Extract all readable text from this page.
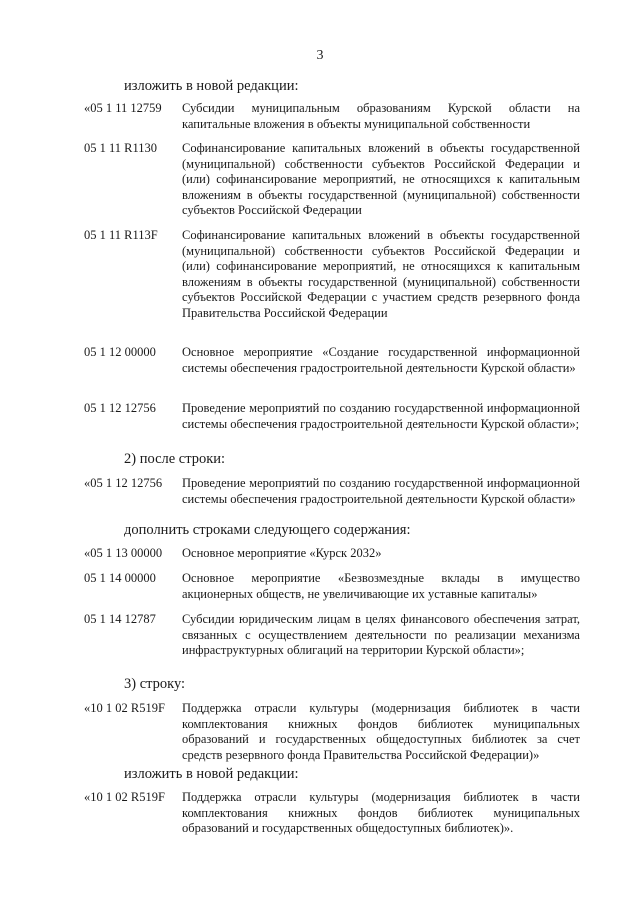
3
изложить в новой редакции:
«05 1 11 12759	Субсидии муниципальным образованиям Курской области на капитальные вложения в объекты муниципальной собственности
05 1 11 R1130	Софинансирование капитальных вложений в объекты государственной (муниципальной) собственности субъектов Российской Федерации и (или) софинансирование мероприятий, не относящихся к капитальным вложениям в объекты государственной (муниципальной) собственности субъектов Российской Федерации
05 1 11 R113F	Софинансирование капитальных вложений в объекты государственной (муниципальной) собственности субъектов Российской Федерации и (или) софинансирование мероприятий, не относящихся к капитальным вложениям в объекты государственной (муниципальной) собственности субъектов Российской Федерации с участием средств резервного фонда Правительства Российской Федерации
05 1 12 00000	Основное мероприятие «Создание государственной информационной системы обеспечения градостроительной деятельности Курской области»
05 1 12 12756	Проведение мероприятий по созданию государственной информационной системы обеспечения градостроительной деятельности Курской области»;
2) после строки:
«05 1 12 12756	Проведение мероприятий по созданию государственной информационной системы обеспечения градостроительной деятельности Курской области»
дополнить строками следующего содержания:
«05 1 13 00000	Основное мероприятие «Курск 2032»
05 1 14 00000	Основное мероприятие «Безвозмездные вклады в имущество акционерных обществ, не увеличивающие их уставные капиталы»
05 1 14 12787	Субсидии юридическим лицам в целях финансового обеспечения затрат, связанных с осуществлением деятельности по реализации механизма инфраструктурных облигаций на территории Курской области»;
3) строку:
«10 1 02 R519F	Поддержка отрасли культуры (модернизация библиотек в части комплектования книжных фондов библиотек муниципальных образований и государственных общедоступных библиотек за счет средств резервного фонда Правительства Российской Федерации)»
изложить в новой редакции:
«10 1 02 R519F	Поддержка отрасли культуры (модернизация библиотек в части комплектования книжных фондов библиотек муниципальных образований и государственных общедоступных библиотек)».
